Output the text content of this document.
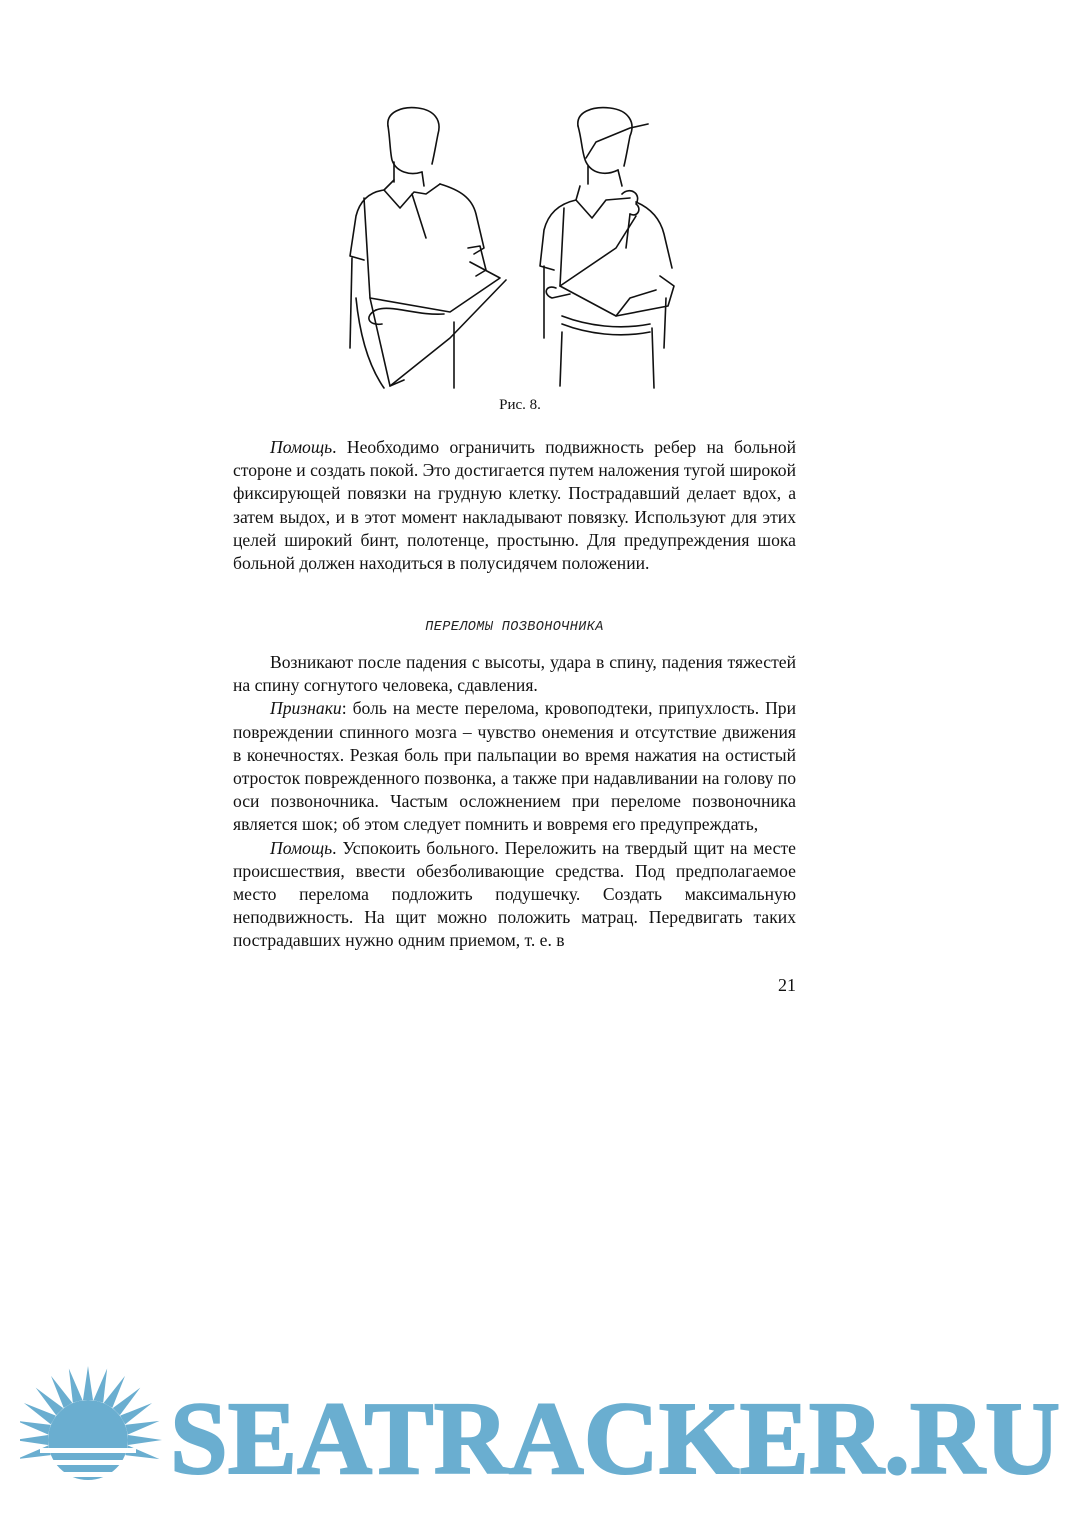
Рис. 8.

Помощь. Необходимо ограничить подвижность ребер на больной стороне и создать покой. Это достигается путем наложения тугой широкой фиксирующей повязки на грудную клетку. Пострадавший делает вдох, а затем выдох, и в этот момент накладывают повязку. Используют для этих целей широкий бинт, полотенце, простыню. Для предупреждения шока больной должен находиться в полусидячем положении.

ПЕРЕЛОМЫ ПОЗВОНОЧНИКА

Возникают после падения с высоты, удара в спину, падения тяжестей на спину согнутого человека, сдавления.

Признаки: боль на месте перелома, кровоподтеки, припухлость. При повреждении спинного мозга – чувство онемения и отсутствие движения в конечностях. Резкая боль при пальпации во время нажатия на остистый отросток поврежденного позвонка, а также при надавливании на голову по оси позвоночника. Частым осложнением при переломе позвоночника является шок; об этом следует помнить и вовремя его предупреждать,

Помощь. Успокоить больного. Переложить на твердый щит на месте происшествия, ввести обезболивающие средства. Под предполагаемое место перелома подложить подушечку. Создать максимальную неподвижность. На щит можно положить матрац. Передвигать таких пострадавших нужно одним приемом, т. е. в

21
SEATRACKER.RU
